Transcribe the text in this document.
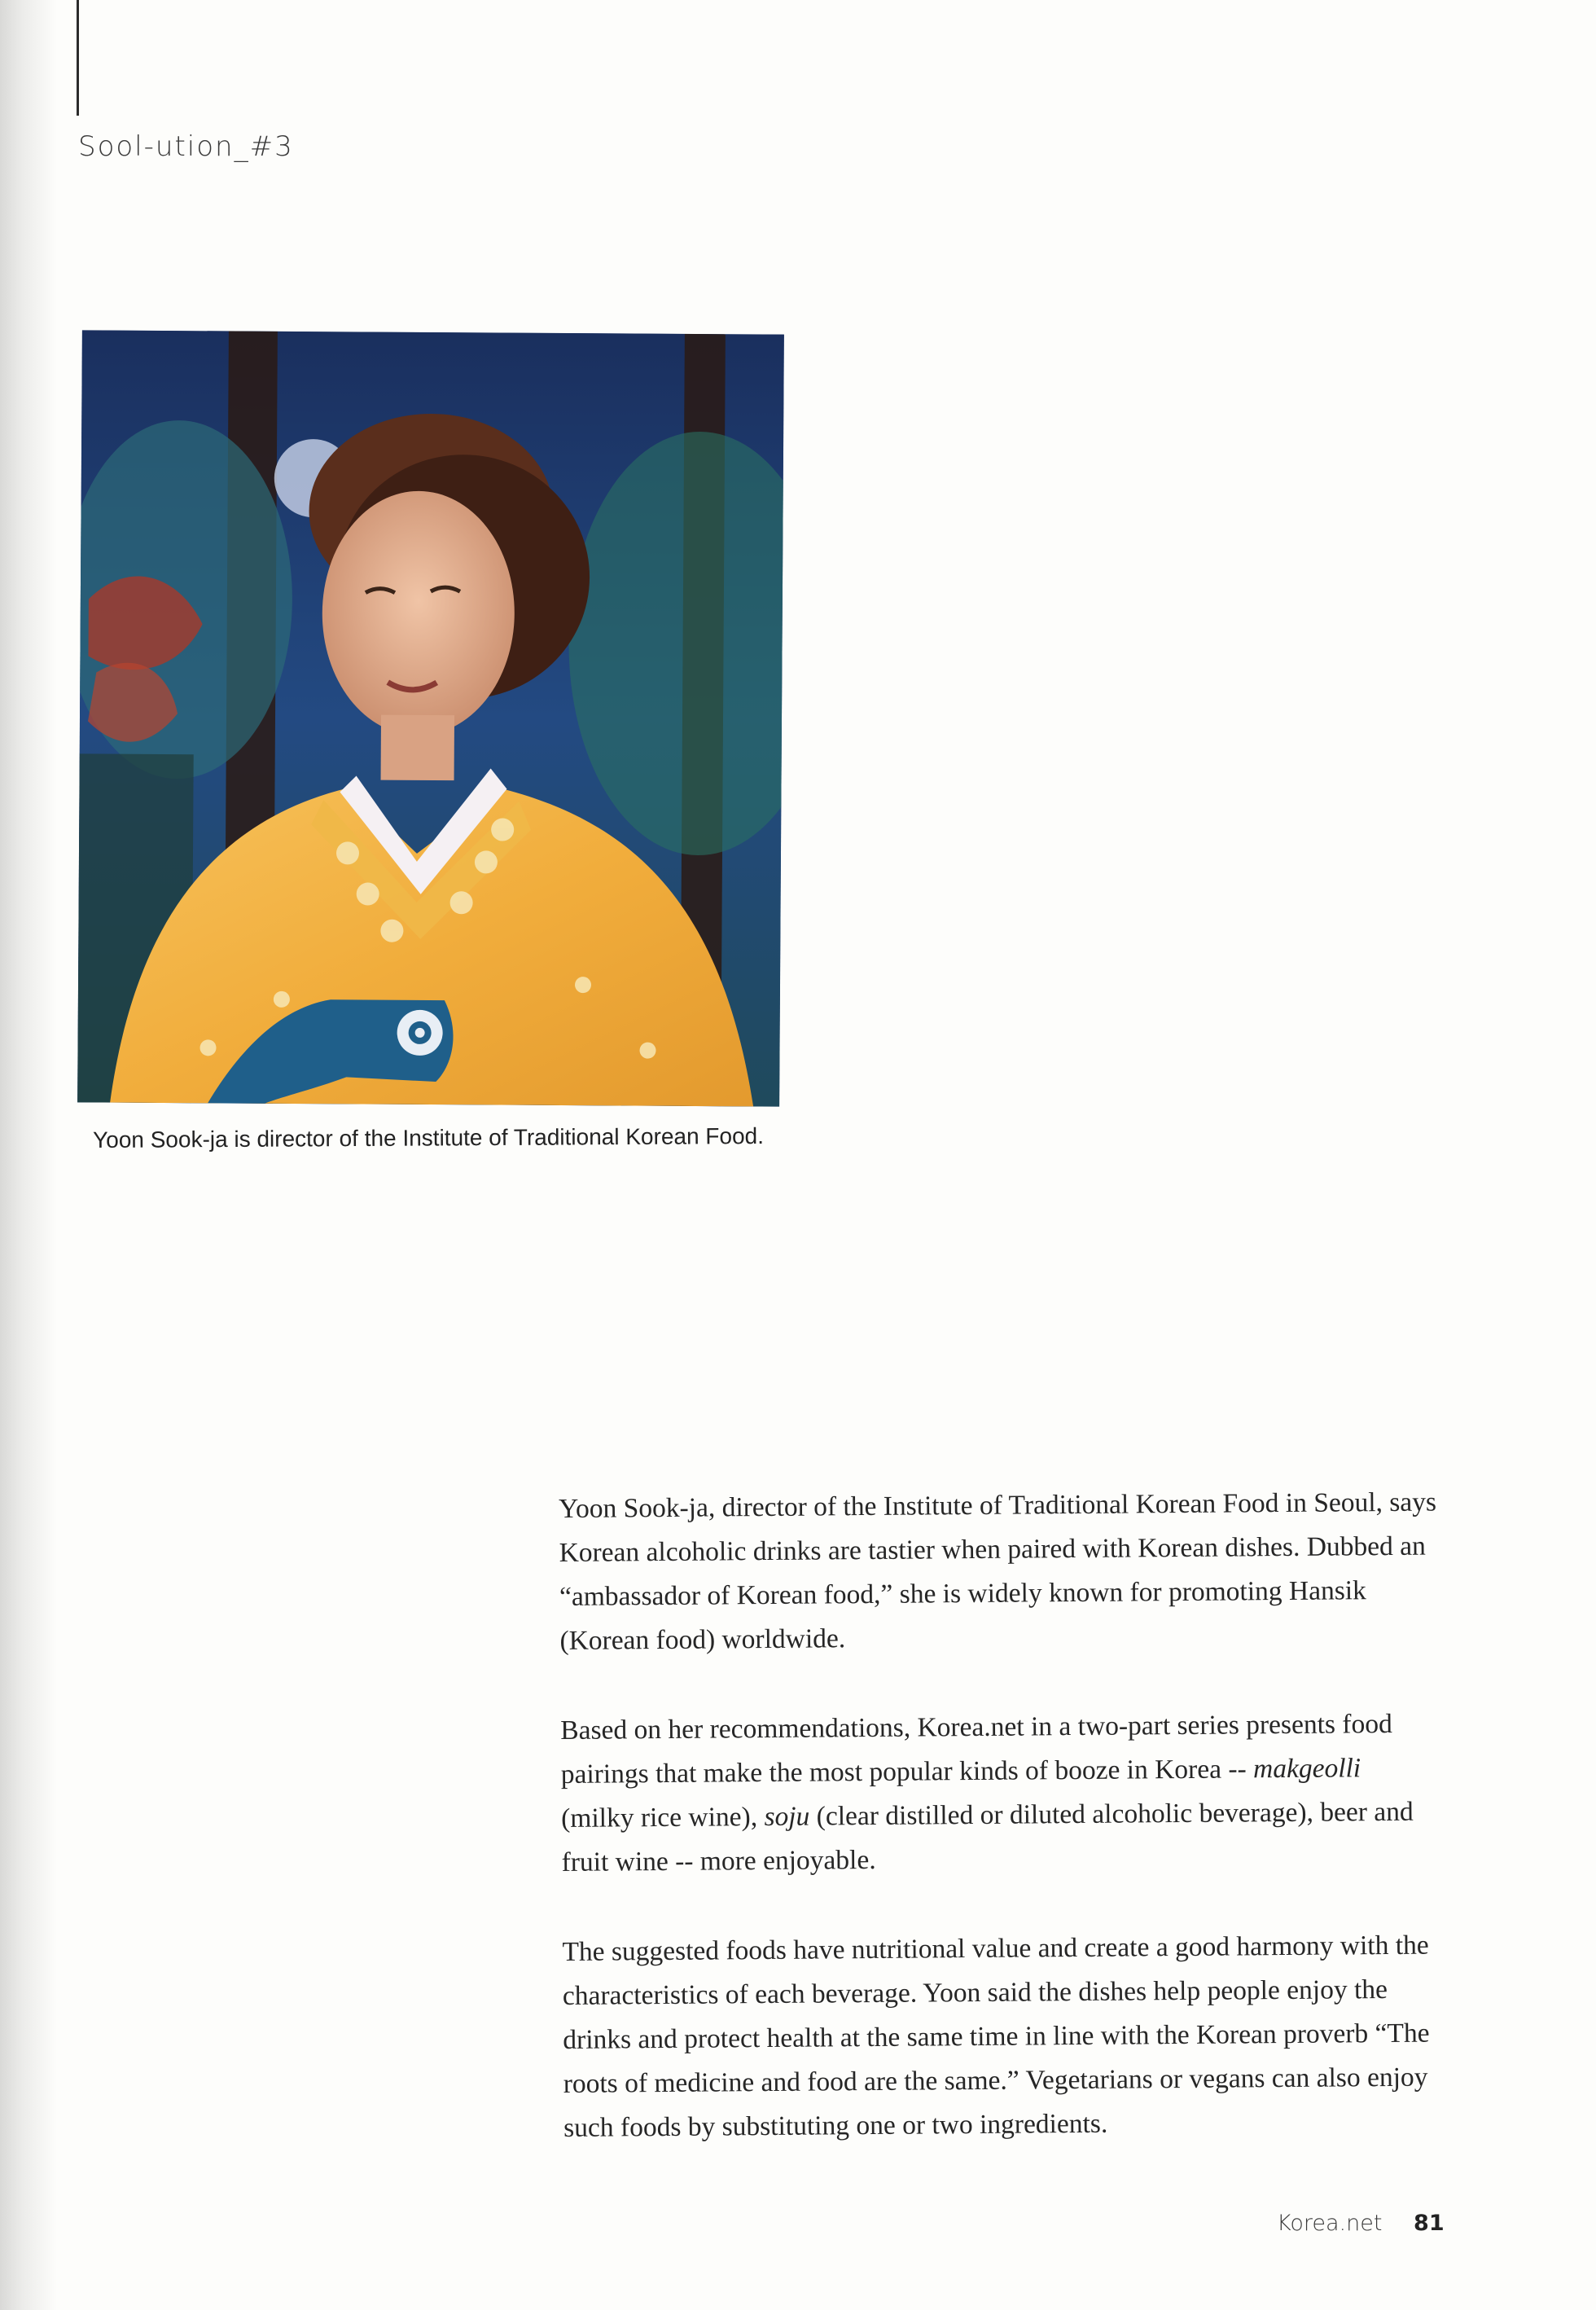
Sool-ution_#3
Yoon Sook-ja is director of the Institute of Traditional Korean Food.

Yoon Sook-ja, director of the Institute of Traditional Korean Food in Seoul, says Korean alcoholic drinks are tastier when paired with Korean dishes. Dubbed an “ambassador of Korean food,” she is widely known for promoting Hansik (Korean food) worldwide.

Based on her recommendations, Korea.net in a two-part series presents food pairings that make the most popular kinds of booze in Korea -- makgeolli (milky rice wine), soju (clear distilled or diluted alcoholic beverage), beer and fruit wine -- more enjoyable.

The suggested foods have nutritional value and create a good harmony with the characteristics of each beverage. Yoon said the dishes help people enjoy the drinks and protect health at the same time in line with the Korean proverb “The roots of medicine and food are the same.” Vegetarians or vegans can also enjoy such foods by substituting one or two ingredients.

Korea.net 81
